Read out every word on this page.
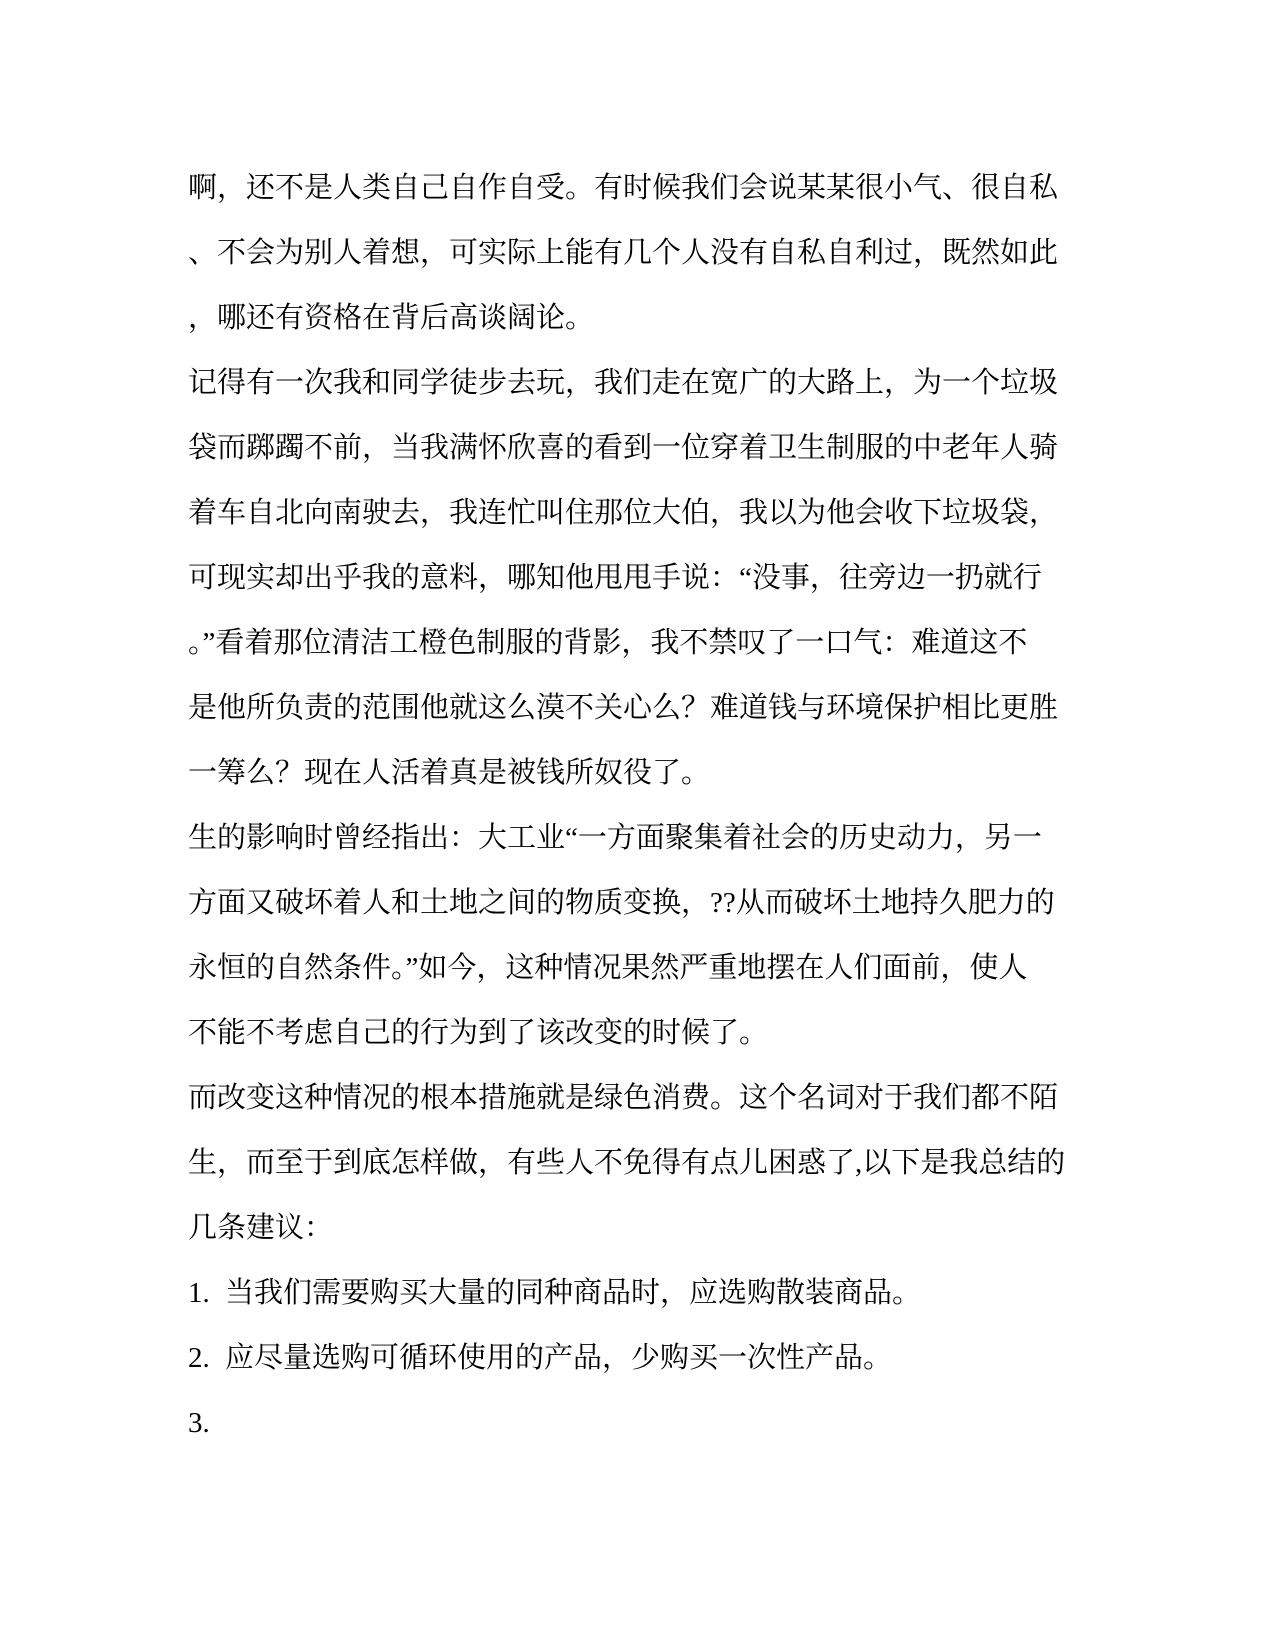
啊，还不是人类自己自作自受。有时候我们会说某某很小气、很自私
、不会为别人着想，可实际上能有几个人没有自私自利过，既然如此
，哪还有资格在背后高谈阔论。
记得有一次我和同学徒步去玩，我们走在宽广的大路上，为一个垃圾
袋而踯躅不前，当我满怀欣喜的看到一位穿着卫生制服的中老年人骑
着车自北向南驶去，我连忙叫住那位大伯，我以为他会收下垃圾袋，
可现实却出乎我的意料，哪知他甩甩手说：“没事，往旁边一扔就行
。”看着那位清洁工橙色制服的背影，我不禁叹了一口气：难道这不
是他所负责的范围他就这么漠不关心么？难道钱与环境保护相比更胜
一筹么？现在人活着真是被钱所奴役了。
生的影响时曾经指出：大工业“一方面聚集着社会的历史动力，另一
方面又破坏着人和土地之间的物质变换，??从而破坏土地持久肥力的
永恒的自然条件。”如今，这种情况果然严重地摆在人们面前，使人
不能不考虑自己的行为到了该改变的时候了。
而改变这种情况的根本措施就是绿色消费。这个名词对于我们都不陌
生，而至于到底怎样做，有些人不免得有点儿困惑了,以下是我总结的
几条建议：
1. 当我们需要购买大量的同种商品时，应选购散装商品。
2. 应尽量选购可循环使用的产品，少购买一次性产品。
3.
